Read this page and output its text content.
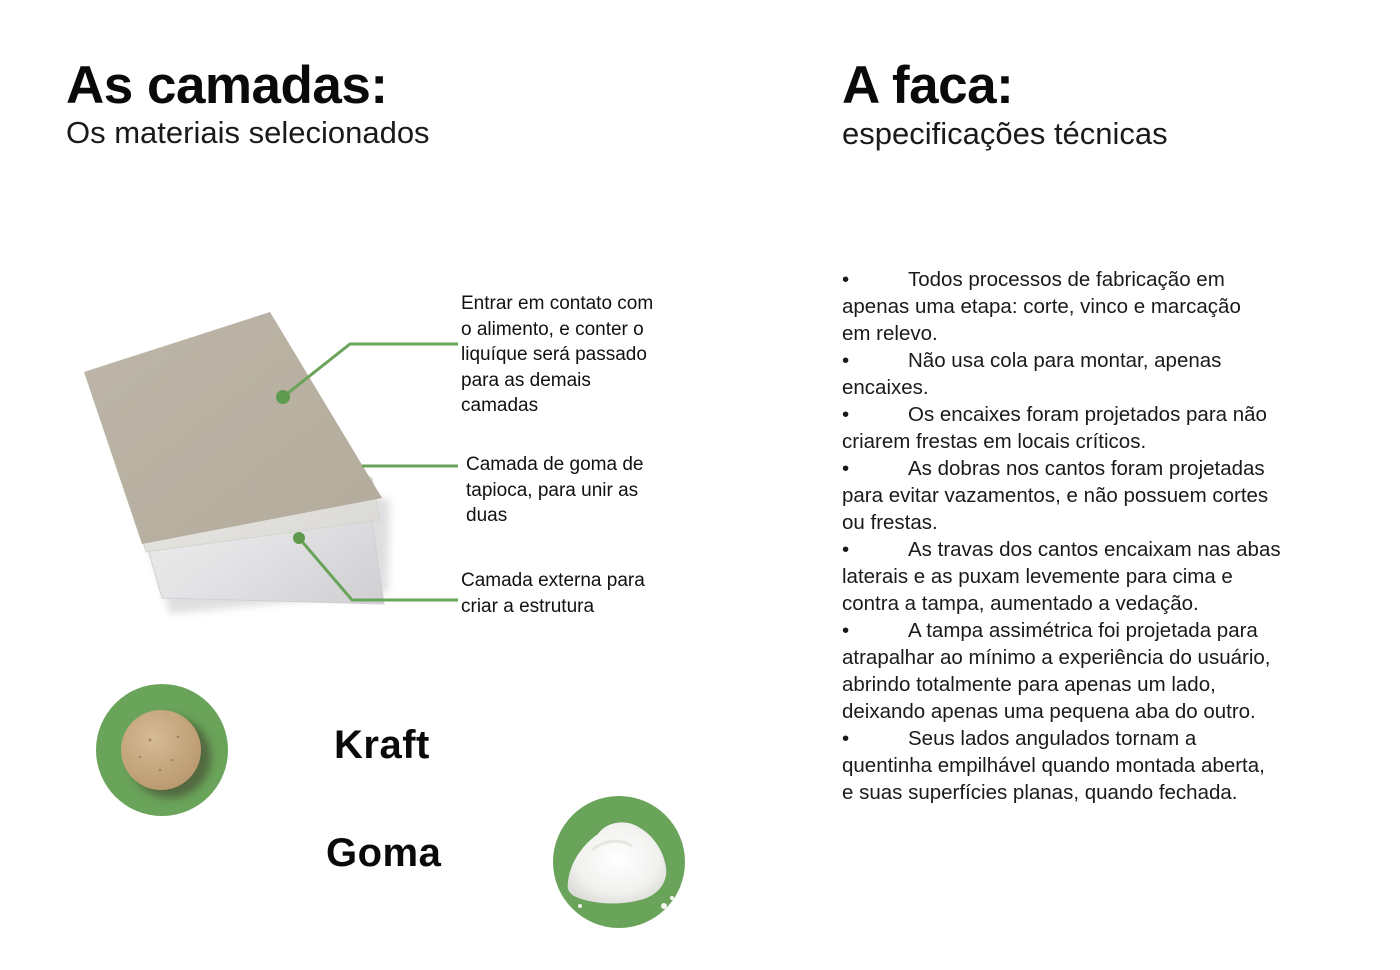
As camadas:

Os materiais selecionados

Entrar em contato com
o alimento, e conter o
liquíque será passado
para as demais
camadas
Camada de goma de
tapioca, para unir as
duas
Camada externa para
criar a estrutura
Kraft
Goma
A faca:

especificações técnicas

•	Todos processos de fabricação em
apenas uma etapa: corte, vinco e marcação
em relevo.
•	Não usa cola para montar, apenas
encaixes.
•	Os encaixes foram projetados para não
criarem frestas em locais críticos.
•	As dobras nos cantos foram projetadas
para evitar vazamentos, e não possuem cortes
ou frestas.
•	As travas dos cantos encaixam nas abas
laterais e as puxam levemente para cima e
contra a tampa, aumentado a vedação.
•	A tampa assimétrica foi projetada para
atrapalhar ao mínimo a experiência do usuário,
abrindo totalmente para apenas um lado,
deixando apenas uma pequena aba do outro.
•	Seus lados angulados tornam a
quentinha empilhável quando montada aberta,
e suas superfícies planas, quando fechada.
